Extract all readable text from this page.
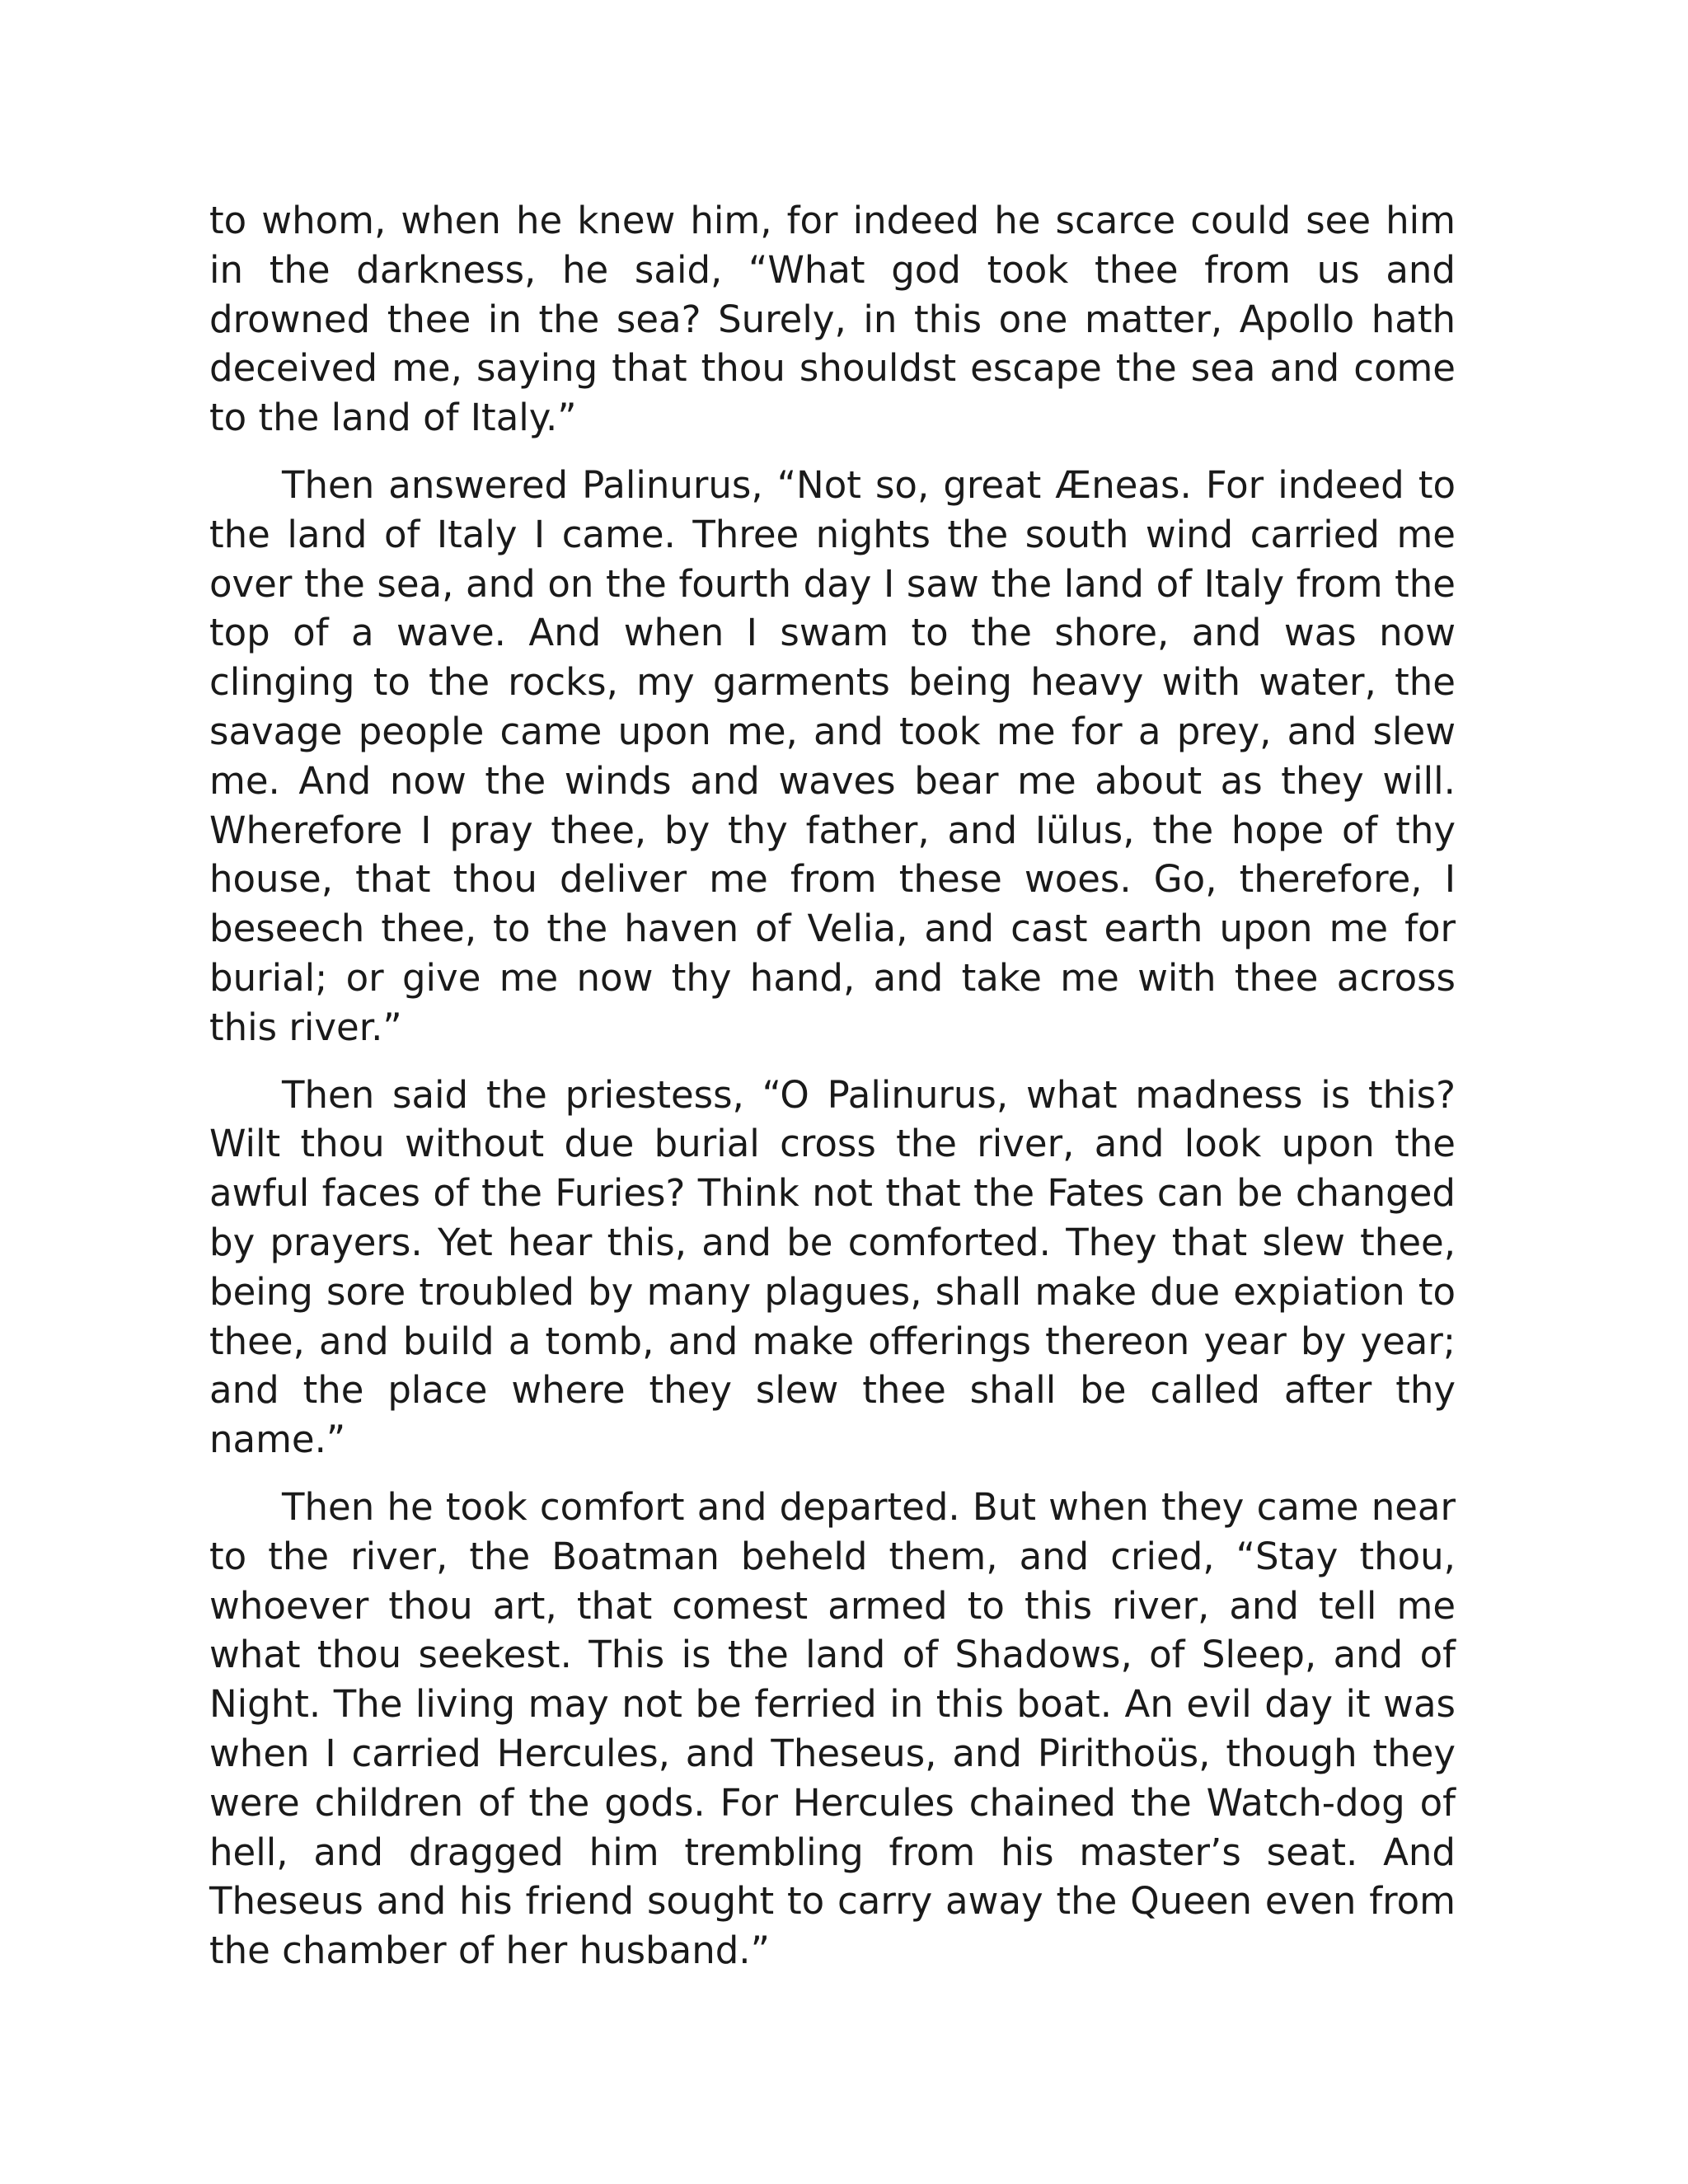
to whom, when he knew him, for indeed he scarce could see him in the darkness, he said, “What god took thee from us and drowned thee in the sea? Surely, in this one matter, Apollo hath deceived me, saying that thou shouldst escape the sea and come to the land of Italy.”

Then answered Palinurus, “Not so, great Æneas. For indeed to the land of Italy I came. Three nights the south wind carried me over the sea, and on the fourth day I saw the land of Italy from the top of a wave. And when I swam to the shore, and was now clinging to the rocks, my garments being heavy with water, the savage people came upon me, and took me for a prey, and slew me. And now the winds and waves bear me about as they will. Wherefore I pray thee, by thy father, and Iülus, the hope of thy house, that thou deliver me from these woes. Go, therefore, I beseech thee, to the haven of Velia, and cast earth upon me for burial; or give me now thy hand, and take me with thee across this river.”

Then said the priestess, “O Palinurus, what madness is this? Wilt thou without due burial cross the river, and look upon the awful faces of the Furies? Think not that the Fates can be changed by prayers. Yet hear this, and be comforted. They that slew thee, being sore troubled by many plagues, shall make due expiation to thee, and build a tomb, and make offerings thereon year by year; and the place where they slew thee shall be called after thy name.”

Then he took comfort and departed. But when they came near to the river, the Boatman beheld them, and cried, “Stay thou, whoever thou art, that comest armed to this river, and tell me what thou seekest. This is the land of Shadows, of Sleep, and of Night. The living may not be ferried in this boat. An evil day it was when I carried Hercules, and Theseus, and Pirithoüs, though they were children of the gods. For Hercules chained the Watch-dog of hell, and dragged him trembling from his master’s seat. And Theseus and his friend sought to carry away the Queen even from the chamber of her husband.”
